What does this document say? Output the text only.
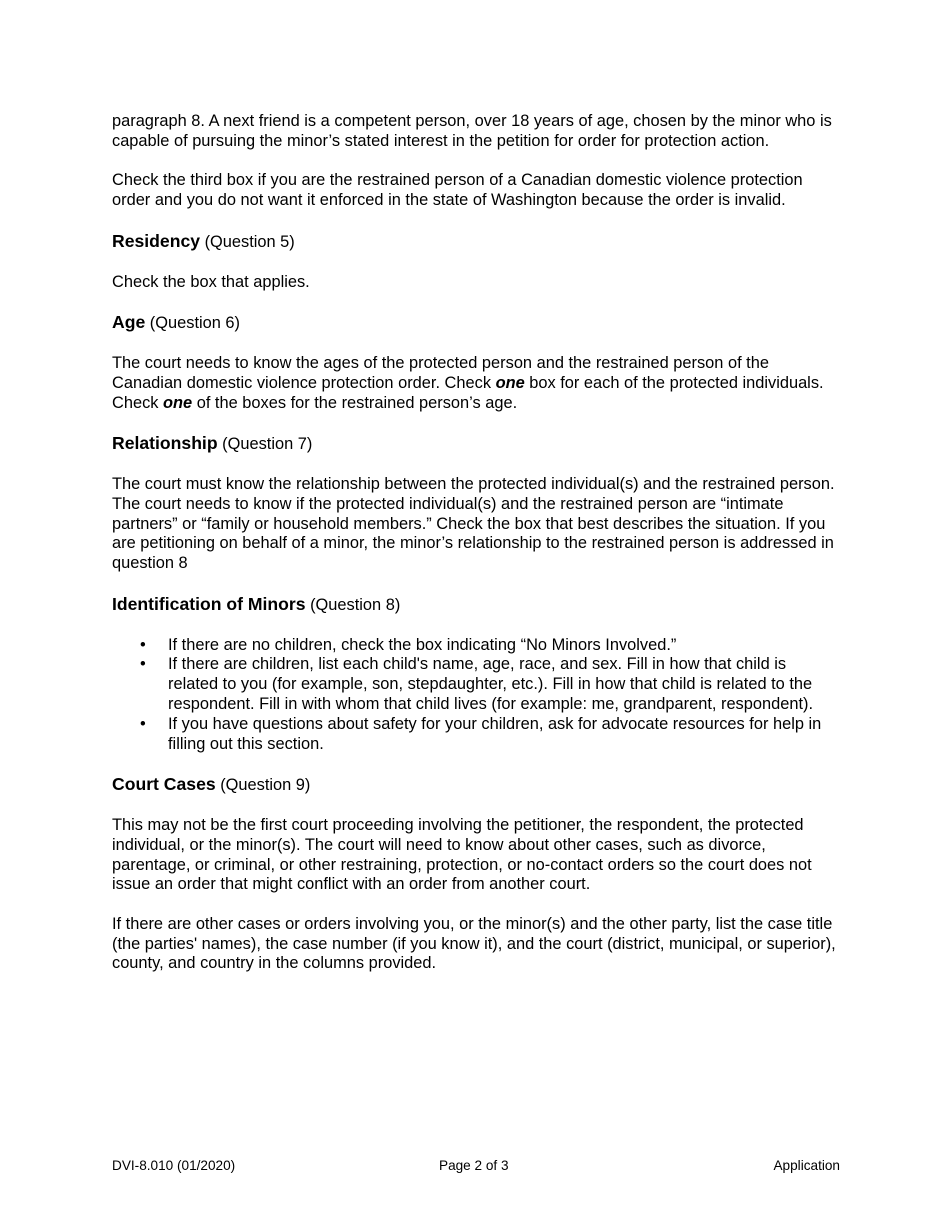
paragraph 8. A next friend is a competent person, over 18 years of age, chosen by the minor who is capable of pursuing the minor’s stated interest in the petition for order for protection action.

Check the third box if you are the restrained person of a Canadian domestic violence protection order and you do not want it enforced in the state of Washington because the order is invalid.

Residency (Question 5)

Check the box that applies.

Age (Question 6)

The court needs to know the ages of the protected person and the restrained person of the Canadian domestic violence protection order. Check one box for each of the protected individuals. Check one of the boxes for the restrained person’s age.

Relationship (Question 7)

The court must know the relationship between the protected individual(s) and the restrained person. The court needs to know if the protected individual(s) and the restrained person are “intimate partners” or “family or household members.” Check the box that best describes the situation. If you are petitioning on behalf of a minor, the minor’s relationship to the restrained person is addressed in question 8

Identification of Minors (Question 8)
• If there are no children, check the box indicating “No Minors Involved.”
• If there are children, list each child's name, age, race, and sex. Fill in how that child is related to you (for example, son, stepdaughter, etc.). Fill in how that child is related to the respondent. Fill in with whom that child lives (for example: me, grandparent, respondent).
• If you have questions about safety for your children, ask for advocate resources for help in filling out this section.
Court Cases (Question 9)

This may not be the first court proceeding involving the petitioner, the respondent, the protected individual, or the minor(s). The court will need to know about other cases, such as divorce, parentage, or criminal, or other restraining, protection, or no-contact orders so the court does not issue an order that might conflict with an order from another court.

If there are other cases or orders involving you, or the minor(s) and the other party, list the case title (the parties' names), the case number (if you know it), and the court (district, municipal, or superior), county, and country in the columns provided.

DVI-8.010 (01/2020)	Page 2 of 3	Application
